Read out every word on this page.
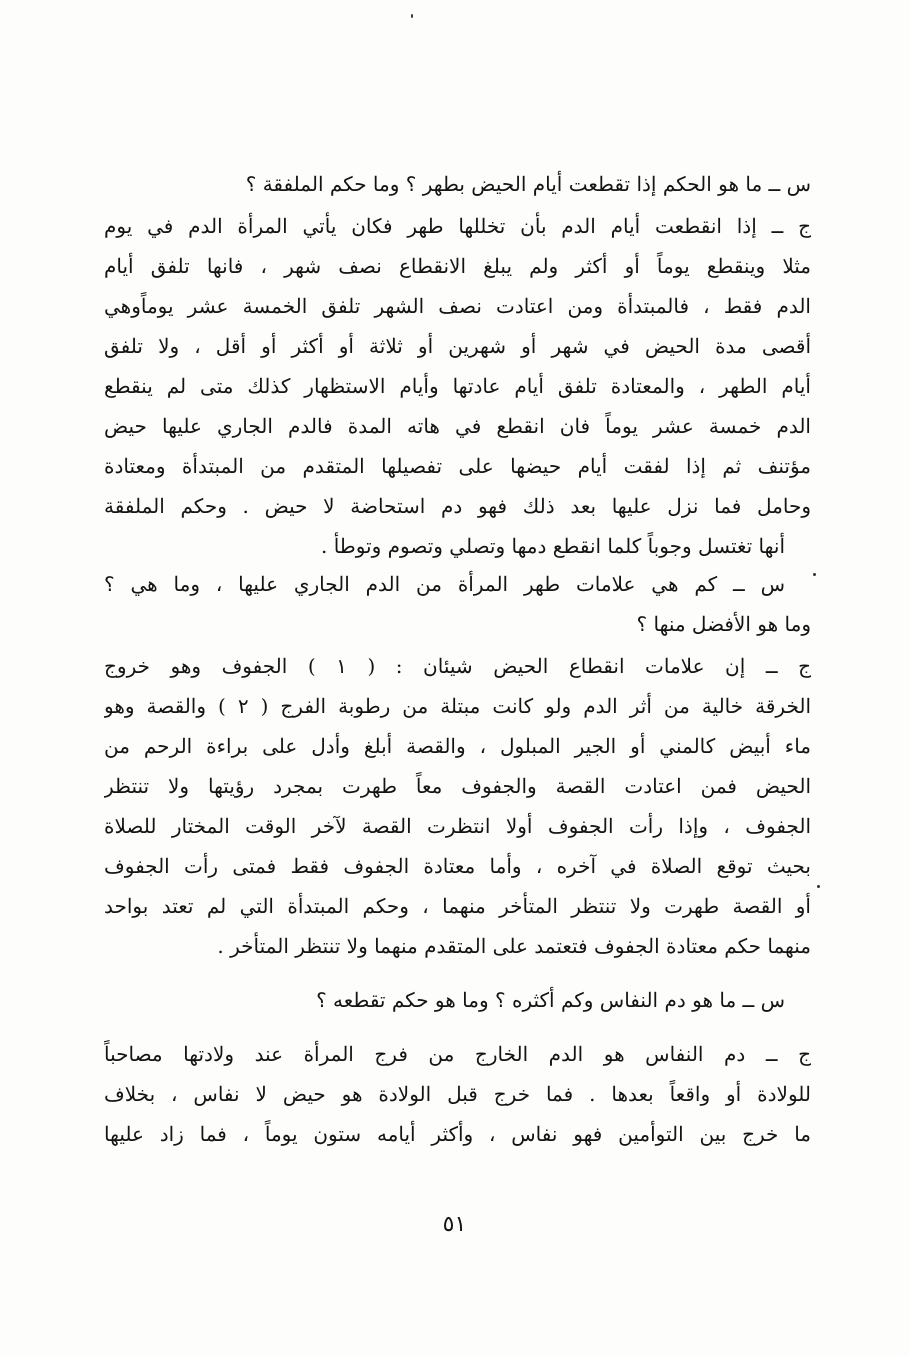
س ــ ما هو الحكم إذا تقطعت أيام الحيض بطهر ؟ وما حكم الملفقة ؟
ج ــ إذا انقطعت أيام الدم بأن تخللها طهر فكان يأتي المرأة الدم في يوم
مثلا وينقطع يوماً أو أكثر ولم يبلغ الانقطاع نصف شهر ، فانها تلفق أيام
الدم فقط ، فالمبتدأة ومن اعتادت نصف الشهر تلفق الخمسة عشر يوماًوهي
أقصى مدة الحيض في شهر أو شهرين أو ثلاثة أو أكثر أو أقل ، ولا تلفق
أيام الطهر ، والمعتادة تلفق أيام عادتها وأيام الاستظهار كذلك متى لم ينقطع
الدم خمسة عشر يوماً فان انقطع في هاته المدة فالدم الجاري عليها حيض
مؤتنف ثم إذا لفقت أيام حيضها على تفصيلها المتقدم من المبتدأة ومعتادة
وحامل فما نزل عليها بعد ذلك فهو دم استحاضة لا حيض . وحكم الملفقة
أنها تغتسل وجوباً كلما انقطع دمها وتصلي وتصوم وتوطأ .
س ــ كم هي علامات طهر المرأة من الدم الجاري عليها ، وما هي ؟
وما هو الأفضل منها ؟
ج ــ إن علامات انقطاع الحيض شيئان : ( ١ ) الجفوف وهو خروج
الخرقة خالية من أثر الدم ولو كانت مبتلة من رطوبة الفرج ( ٢ ) والقصة وهو
ماء أبيض كالمني أو الجير المبلول ، والقصة أبلغ وأدل على براءة الرحم من
الحيض فمن اعتادت القصة والجفوف معاً طهرت بمجرد رؤيتها ولا تنتظر
الجفوف ، وإذا رأت الجفوف أولا انتظرت القصة لآخر الوقت المختار للصلاة
بحيث توقع الصلاة في آخره ، وأما معتادة الجفوف فقط فمتى رأت الجفوف
أو القصة طهرت ولا تنتظر المتأخر منهما ، وحكم المبتدأة التي لم تعتد بواحد
منهما حكم معتادة الجفوف فتعتمد على المتقدم منهما ولا تنتظر المتأخر .
س ــ ما هو دم النفاس وكم أكثره ؟ وما هو حكم تقطعه ؟
ج ــ دم النفاس هو الدم الخارج من فرج المرأة عند ولادتها مصاحباً
للولادة أو واقعاً بعدها . فما خرج قبل الولادة هو حيض لا نفاس ، بخلاف
ما خرج بين التوأمين فهو نفاس ، وأكثر أيامه ستون يوماً ، فما زاد عليها
٥١
